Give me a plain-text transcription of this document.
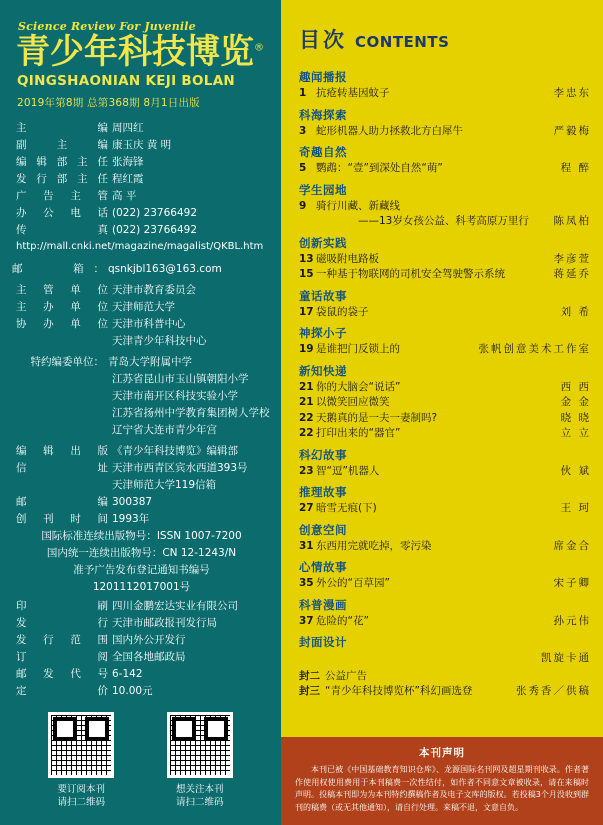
Science Review For Juvenile
青少年科技博览®
QINGSHAONIAN KEJI BOLAN
2019年第8期 总第368期 8月1日出版
主　　编 周四红
副 主 编 康玉庆 黄 明
编辑部主任 张海锋
发行部主任 程红霞
广告主管 高 平
办 公 电 话 (022) 23766492
传　　真 (022) 23766492
http://mall.cnki.net/magazine/magalist/QKBL.htm
邮　　箱： qsnkjbl163@163.com
主 管 单 位 天津市教育委员会
主 办 单 位 天津师范大学
协 办 单 位 天津市科普中心
天津青少年科技中心
特约编委单位： 青岛大学附属中学
江苏省昆山市玉山镇朝阳小学
天津市南开区科技实验小学
江苏省扬州中学教育集团树人学校
辽宁省大连市青少年宫
编 辑 出 版 《青少年科技博览》编辑部
信　　址 天津市西青区宾水西道393号
天津师范大学119信箱
邮　　编 300387
创 刊 时 间 1993年
国际标准连续出版物号：ISSN 1007-7200
国内统一连续出版物号：CN 12-1243/N
准予广告发布登记通知书编号
1201112017001号
印　　刷 四川金鹏宏达实业有限公司
发　　行 天津市邮政报刊发行局
发 行 范 围 国内外公开发行
订　　阅 全国各地邮政局
邮 发 代 号 6-142
定　　价 10.00元
要订阅本刊
请扫二维码
想关注本刊
请扫二维码
目次 CONTENTS
趣闻播报
1 抗疮转基因蚊子	李忠东
科海探索
3 蛇形机器人助力拯救北方白犀牛	严毅梅
奇趣自然
5 鹦鹉：“壹”到深处自然“萌”	程 醉
学生园地
9 骑行川藏、新藏线
——13岁女孩公益、科考高原万里行	陈凤柏
创新实践
13 磁吸附电路板	李彦萱
15 一种基于物联网的司机安全驾驶警示系统	蒋延乔
童话故事
17 袋鼠的袋子	刘 希
神探小子
19 是谁把门反锁上的	张帆创意美术工作室
新知快递
21 你的大脑会“说话”	西 西
21 以微笑回应微笑	金 金
22 天鹅真的是一夫一妻制吗?	晓 晓
22 打印出来的“器官”	立 立
科幻故事
23 智“逗”机器人	伙 斌
推理故事
27 暗雪无痕(下)	王 珂
创意空间
31 东西用完就吃掉，零污染	席金合
心情故事
35 外公的“百草园”	宋子卿
科普漫画
37 危险的“花”	孙元伟
封面设计
凯旋卡通
封二 公益广告
封三 “青少年科技博览杯”科幻画选登	张秀香／供稿
本刊声明

本刊已被《中国基础教育知识仓库》、龙源国际名刊网及超星期刊收录。作者著作使用权使用费用于本刊稿费一次性结付，如作者不同意文章被收录，请在来稿时声明。投稿本刊即为为本刊特约撰稿作者及电子文库的版权。若投稿3个月没收到群刊的稿费（或无其他通知），请自行处理。来稿不退，文意自负。
